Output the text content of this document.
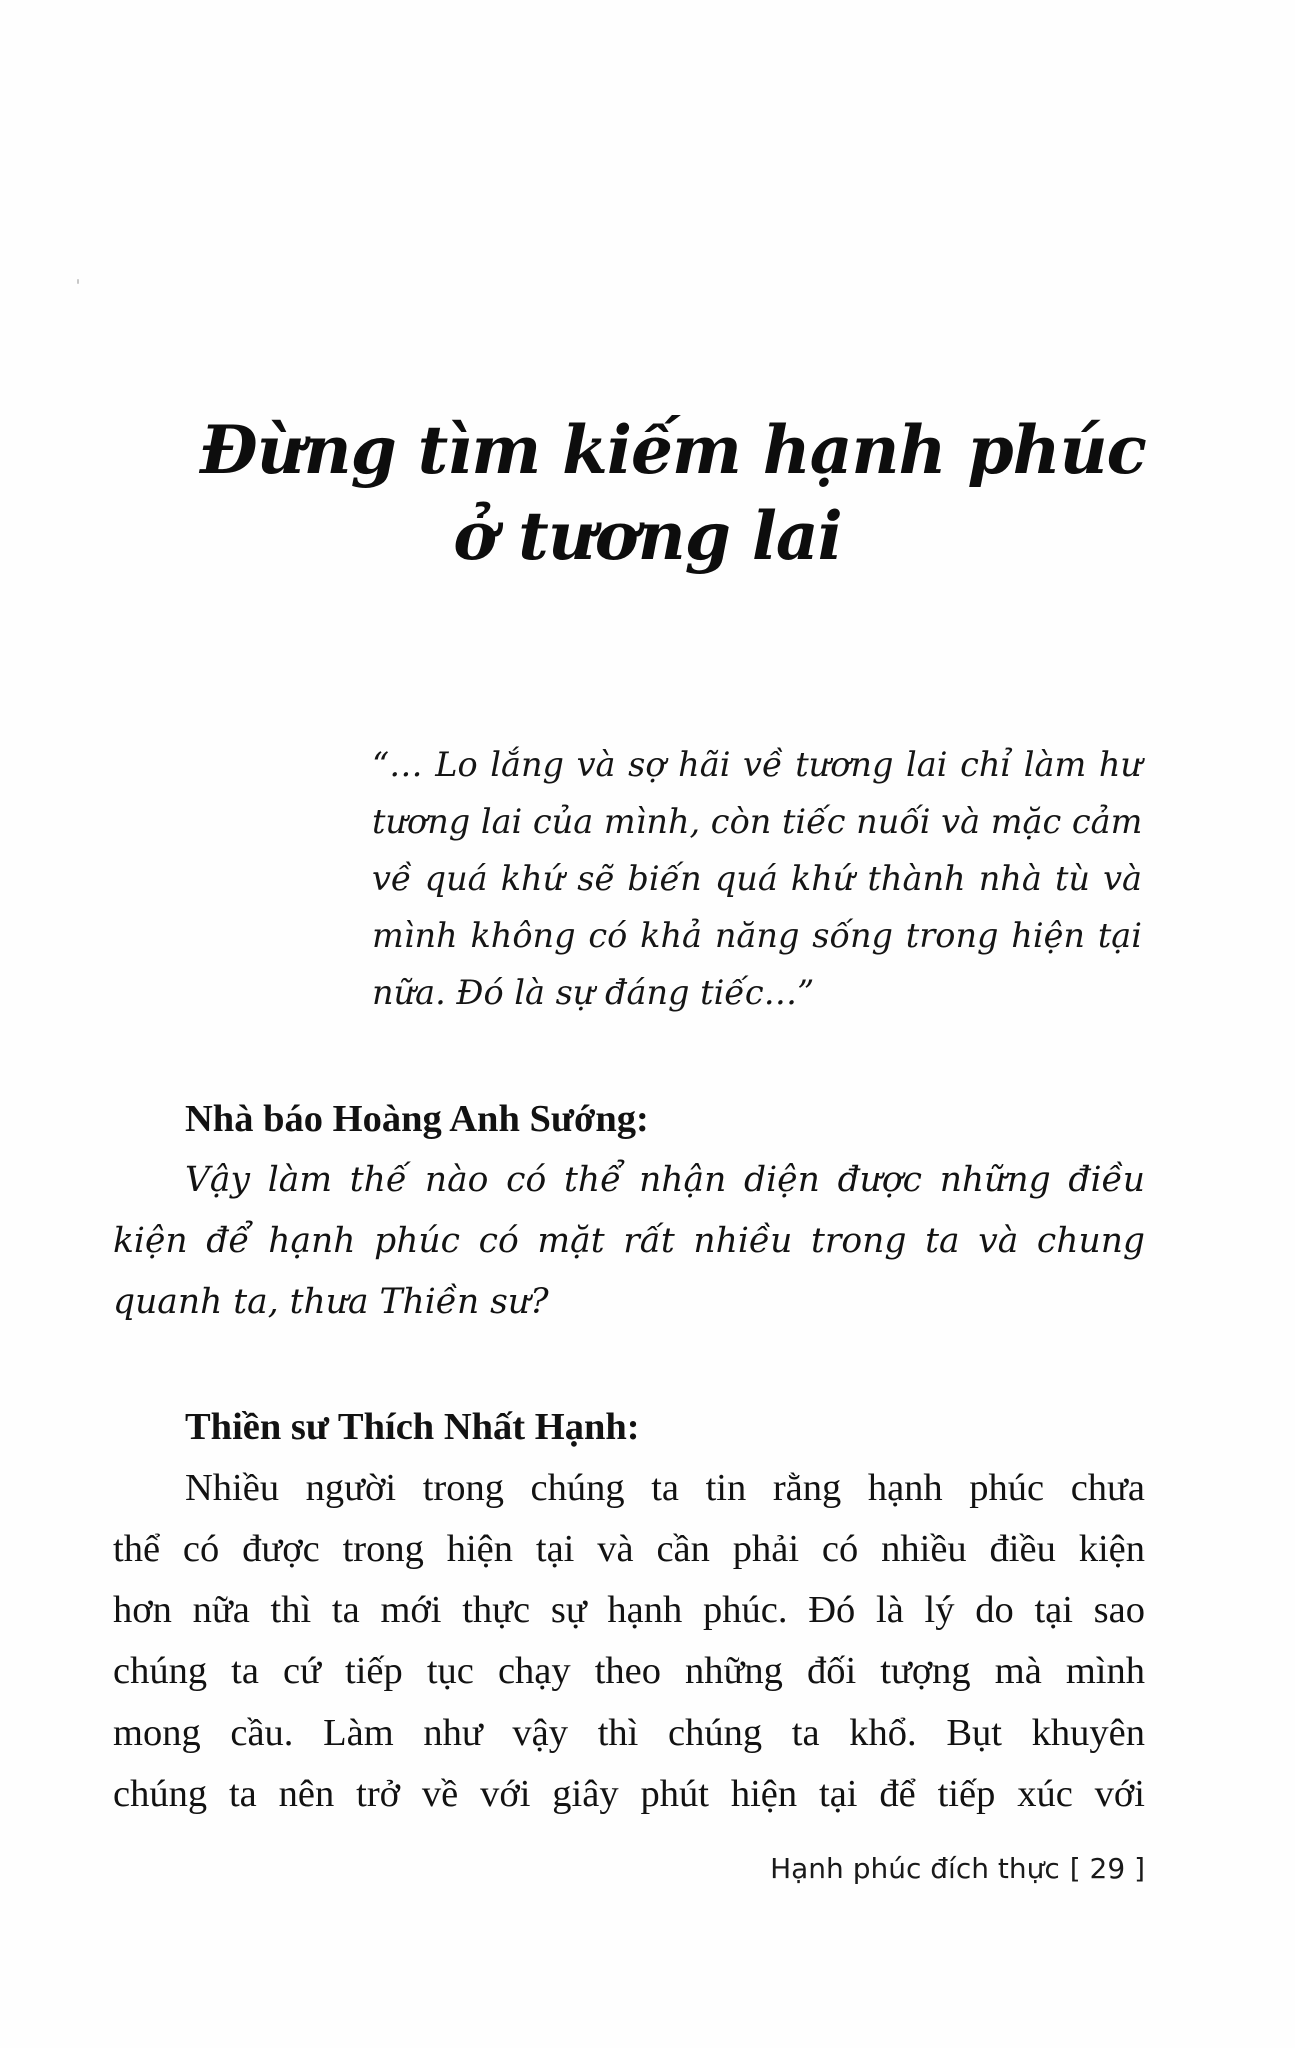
Đừng tìm kiếm hạnh phúc
ở tương lai
“… Lo lắng và sợ hãi về tương lai chỉ làm hư
tương lai của mình, còn tiếc nuối và mặc cảm
về quá khứ sẽ biến quá khứ thành nhà tù và
mình không có khả năng sống trong hiện tại
nữa. Đó là sự đáng tiếc…”
Nhà báo Hoàng Anh Sướng:
Vậy làm thế nào có thể nhận diện được những điều
kiện để hạnh phúc có mặt rất nhiều trong ta và chung
quanh ta, thưa Thiền sư?
Thiền sư Thích Nhất Hạnh:
Nhiều người trong chúng ta tin rằng hạnh phúc chưa
thể có được trong hiện tại và cần phải có nhiều điều kiện
hơn nữa thì ta mới thực sự hạnh phúc. Đó là lý do tại sao
chúng ta cứ tiếp tục chạy theo những đối tượng mà mình
mong cầu. Làm như vậy thì chúng ta khổ. Bụt khuyên
chúng ta nên trở về với giây phút hiện tại để tiếp xúc với
Hạnh phúc đích thực [ 29 ]
